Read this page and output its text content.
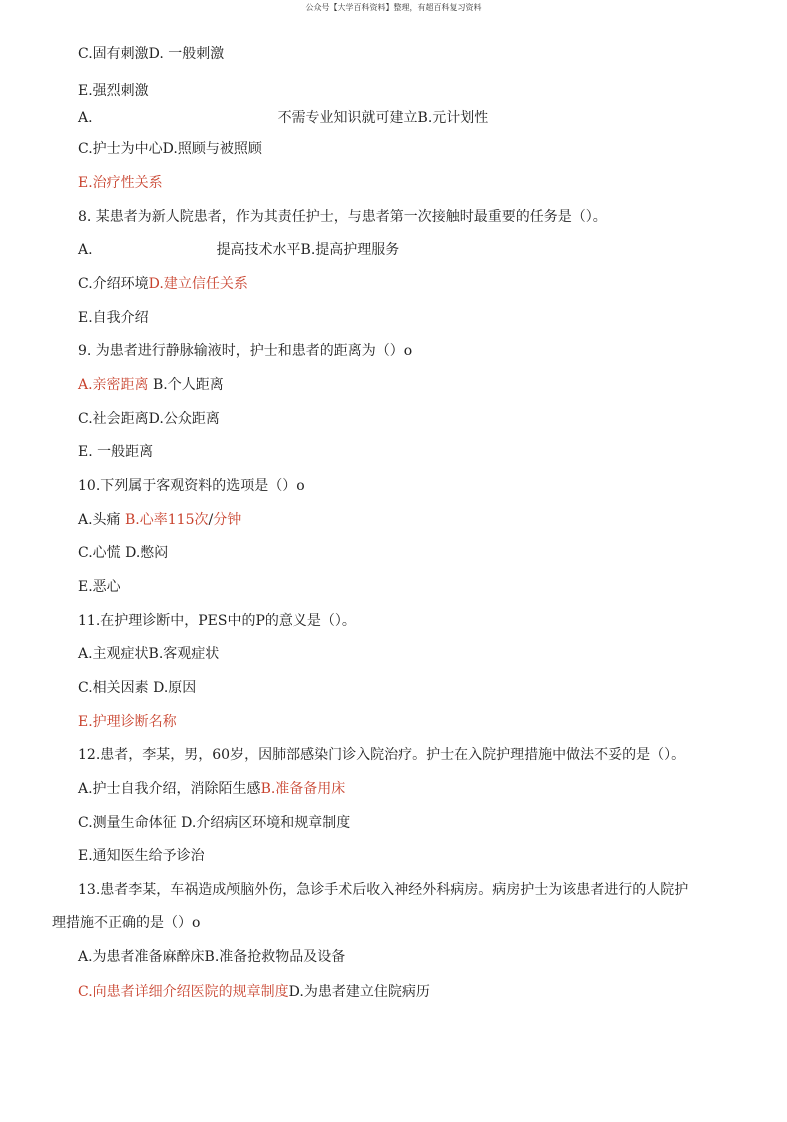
公众号【大学百科资料】整理，有超百科复习资料
C.固有刺激D. 一般刺激
E.强烈刺激
A.	不需专业知识就可建立B.元计划性
C.护士为中心D.照顾与被照顾
E.治疗性关系
8. 某患者为新人院患者，作为其责任护士，与患者第一次接触时最重要的任务是（）。
A.	提高技术水平B.提高护理服务
C.介绍环境D.建立信任关系
E.自我介绍
9. 为患者进行静脉输液时，护士和患者的距离为（）o
A.亲密距离 B.个人距离
C.社会距离D.公众距离
E. 一般距离
10.下列属于客观资料的选项是（）o
A.头痛 B.心率115次/分钟
C.心慌 D.憋闷
E.恶心
11.在护理诊断中，PES中的P的意义是（）。
A.主观症状B.客观症状
C.相关因素 D.原因
E.护理诊断名称
12.患者，李某，男，60岁，因肺部感染门诊入院治疗。护士在入院护理措施中做法不妥的是（）。
A.护士自我介绍，消除陌生感B.准备备用床
C.测量生命体征 D.介绍病区环境和规章制度
E.通知医生给予诊治
13.患者李某，车祸造成颅脑外伤，急诊手术后收入神经外科病房。病房护士为该患者进行的人院护
理措施不正确的是（）o
A.为患者准备麻醉床B.准备抢救物品及设备
C.向患者详细介绍医院的规章制度D.为患者建立住院病历
